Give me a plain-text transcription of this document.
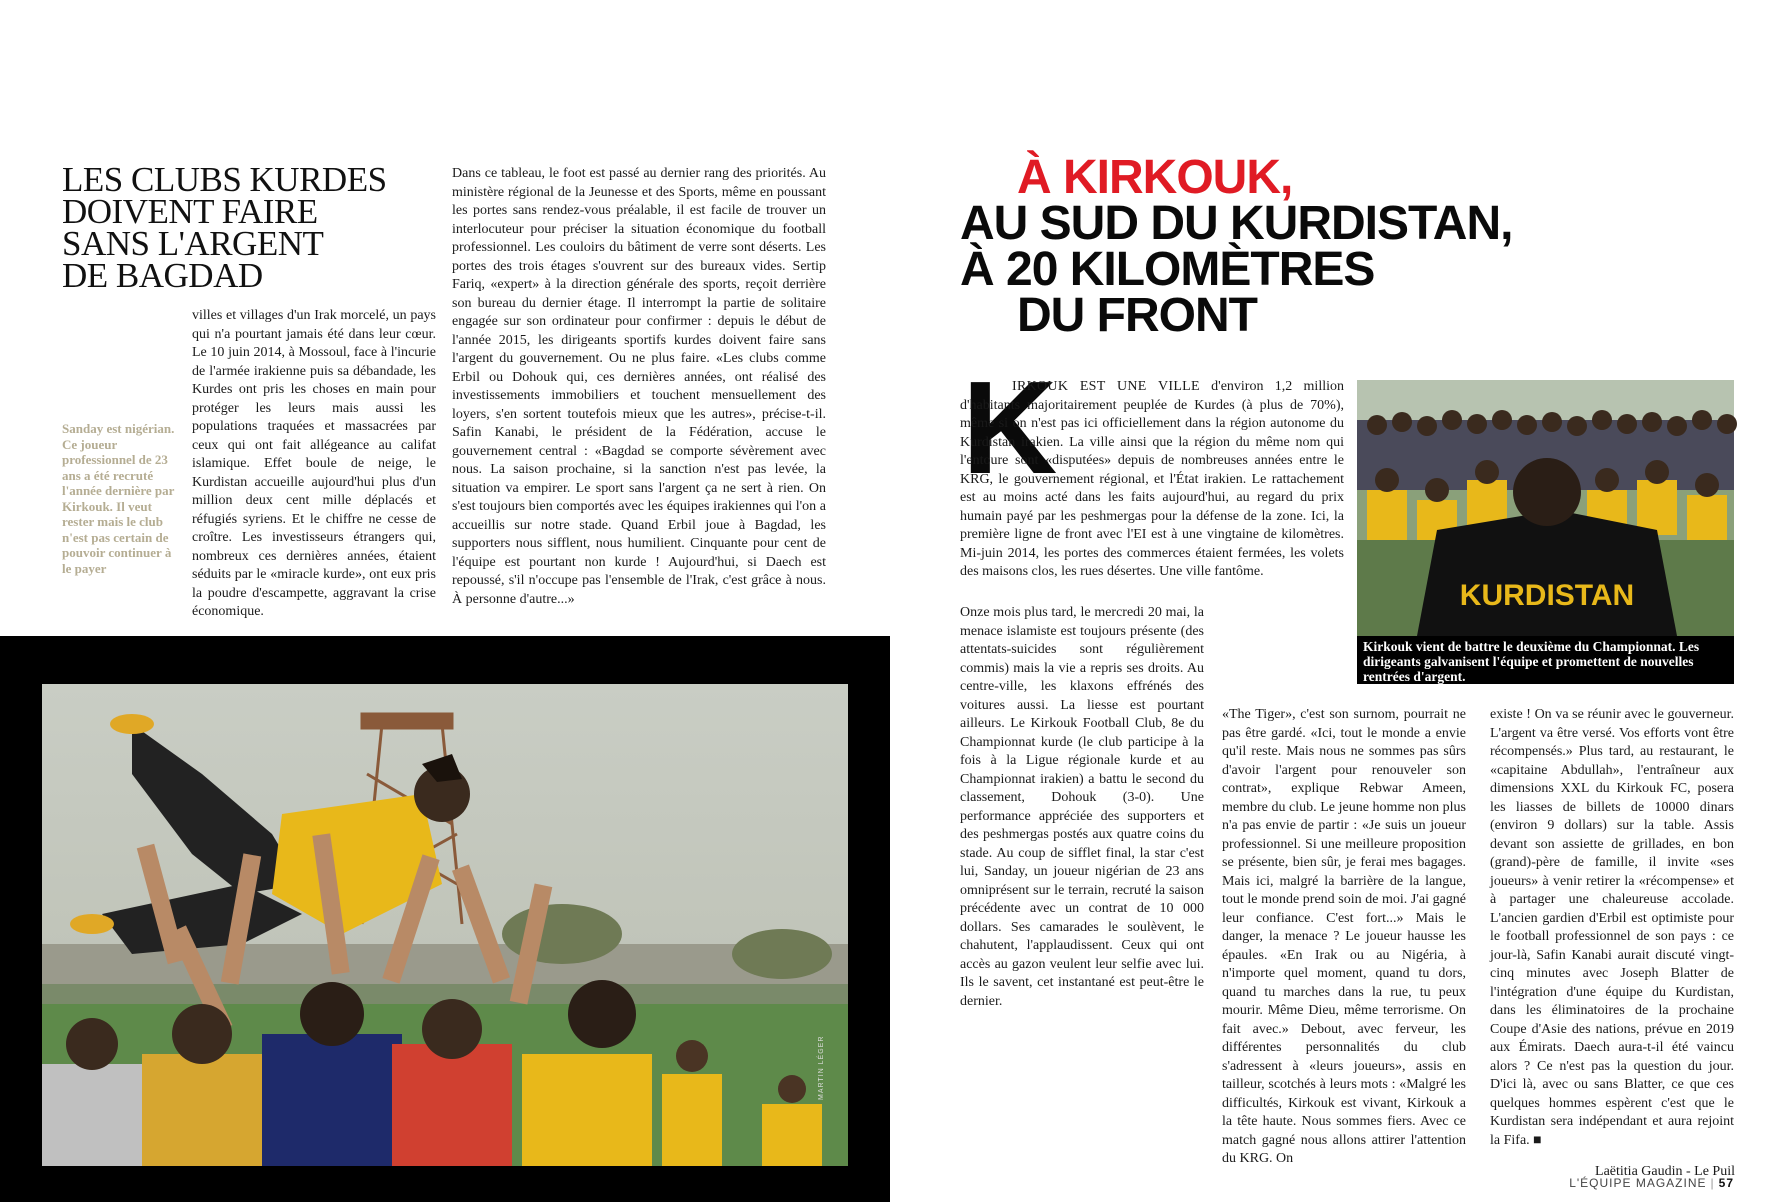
LES CLUBS KURDES
DOIVENT FAIRE
SANS L'ARGENT
DE BAGDAD

villes et villages d'un Irak morcelé, un pays qui n'a pourtant jamais été dans leur cœur. Le 10 juin 2014, à Mossoul, face à l'incurie de l'armée irakienne puis sa débandade, les Kurdes ont pris les choses en main pour protéger les leurs mais aussi les populations traquées et massacrées par ceux qui ont fait allégeance au califat islamique. Effet boule de neige, le Kurdistan accueille aujourd'hui plus d'un million deux cent mille déplacés et réfugiés syriens. Et le chiffre ne cesse de croître. Les investisseurs étrangers qui, nombreux ces dernières années, étaient séduits par le «miracle kurde», ont eux pris la poudre d'escampette, aggravant la crise économique.

Sanday est nigérian. Ce joueur professionnel de 23 ans a été recruté l'année dernière par Kirkouk. Il veut rester mais le club n'est pas certain de pouvoir continuer à le payer

Dans ce tableau, le foot est passé au dernier rang des priorités. Au ministère régional de la Jeunesse et des Sports, même en poussant les portes sans rendez-vous préalable, il est facile de trouver un interlocuteur pour préciser la situation économique du football professionnel. Les couloirs du bâtiment de verre sont déserts. Les portes des trois étages s'ouvrent sur des bureaux vides. Sertip Fariq, «expert» à la direction générale des sports, reçoit derrière son bureau du dernier étage. Il interrompt la partie de solitaire engagée sur son ordinateur pour confirmer : depuis le début de l'année 2015, les dirigeants sportifs kurdes doivent faire sans l'argent du gouvernement. Ou ne plus faire. «Les clubs comme Erbil ou Dohouk qui, ces dernières années, ont réalisé des investissements immobiliers et touchent mensuellement des loyers, s'en sortent toutefois mieux que les autres», précise-t-il. Safin Kanabi, le président de la Fédération, accuse le gouvernement central : «Bagdad se comporte sévèrement avec nous. La saison prochaine, si la sanction n'est pas levée, la situation va empirer. Le sport sans l'argent ça ne sert à rien. On s'est toujours bien comportés avec les équipes irakiennes qui l'on a accueillis sur notre stade. Quand Erbil joue à Bagdad, les supporters nous sifflent, nous humilient. Cinquante pour cent de l'équipe est pourtant non kurde ! Aujourd'hui, si Daech est repoussé, s'il n'occupe pas l'ensemble de l'Irak, c'est grâce à nous. À personne d'autre...»

MARTIN LÉGER
À KIRKOUK,
AU SUD DU KURDISTAN,
À 20 KILOMÈTRES
DU FRONT
K

IRKOUK EST UNE VILLE d'environ 1,2 million d'habitants majoritairement peuplée de Kurdes (à plus de 70%), même si on n'est pas ici officiellement dans la région autonome du Kurdistan irakien. La ville ainsi que la région du même nom qui l'entoure sont «disputées» depuis de nombreuses années entre le KRG, le gouvernement régional, et l'État irakien. Le rattachement est au moins acté dans les faits aujourd'hui, au regard du prix humain payé par les peshmergas pour la défense de la zone. Ici, la première ligne de front avec l'EI est à une vingtaine de kilomètres. Mi-juin 2014, les portes des commerces étaient fermées, les volets des maisons clos, les rues désertes. Une ville fantôme.

Onze mois plus tard, le mercredi 20 mai, la menace islamiste est toujours présente (des attentats-suicides sont régulièrement commis) mais la vie a repris ses droits. Au centre-ville, les klaxons effrénés des voitures aussi. La liesse est pourtant ailleurs. Le Kirkouk Football Club, 8e du Championnat kurde (le club participe à la fois à la Ligue régionale kurde et au Championnat irakien) a battu le second du classement, Dohouk (3-0). Une performance appréciée des supporters et des peshmergas postés aux quatre coins du stade. Au coup de sifflet final, la star c'est lui, Sanday, un joueur nigérian de 23 ans omniprésent sur le terrain, recruté la saison précédente avec un contrat de 10 000 dollars. Ses camarades le soulèvent, le chahutent, l'applaudissent. Ceux qui ont accès au gazon veulent leur selfie avec lui. Ils le savent, cet instantané est peut-être le dernier.

«The Tiger», c'est son surnom, pourrait ne pas être gardé. «Ici, tout le monde a envie qu'il reste. Mais nous ne sommes pas sûrs d'avoir l'argent pour renouveler son contrat», explique Rebwar Ameen, membre du club. Le jeune homme non plus n'a pas envie de partir : «Je suis un joueur professionnel. Si une meilleure proposition se présente, bien sûr, je ferai mes bagages. Mais ici, malgré la barrière de la langue, tout le monde prend soin de moi. J'ai gagné leur confiance. C'est fort...» Mais le danger, la menace ? Le joueur hausse les épaules. «En Irak ou au Nigéria, à n'importe quel moment, quand tu dors, quand tu marches dans la rue, tu peux mourir. Même Dieu, même terrorisme. On fait avec.» Debout, avec ferveur, les différentes personnalités du club s'adressent à «leurs joueurs», assis en tailleur, scotchés à leurs mots : «Malgré les difficultés, Kirkouk est vivant, Kirkouk a la tête haute. Nous sommes fiers. Avec ce match gagné nous allons attirer l'attention du KRG. On

existe ! On va se réunir avec le gouverneur. L'argent va être versé. Vos efforts vont être récompensés.» Plus tard, au restaurant, le «capitaine Abdullah», l'entraîneur aux dimensions XXL du Kirkouk FC, posera les liasses de billets de 10000 dinars (environ 9 dollars) sur la table. Assis devant son assiette de grillades, en bon (grand)-père de famille, il invite «ses joueurs» à venir retirer la «récompense» et à partager une chaleureuse accolade. L'ancien gardien d'Erbil est optimiste pour le football professionnel de son pays : ce jour-là, Safin Kanabi aurait discuté vingt-cinq minutes avec Joseph Blatter de l'intégration d'une équipe du Kurdistan, dans les éliminatoires de la prochaine Coupe d'Asie des nations, prévue en 2019 aux Émirats. Daech aura-t-il été vaincu alors ? Ce n'est pas la question du jour. D'ici là, avec ou sans Blatter, ce que ces quelques hommes espèrent c'est que le Kurdistan sera indépendant et aura rejoint la Fifa. ■

KURDISTAN
Kirkouk vient de battre le deuxième du Championnat. Les dirigeants galvanisent l'équipe et promettent de nouvelles rentrées d'argent.
Laëtitia Gaudin - Le Puil
L'ÉQUIPE MAGAZINE | 57
